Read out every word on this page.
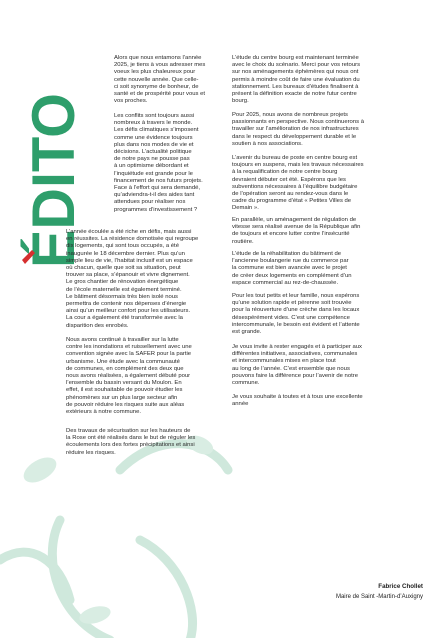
ÉDITO

Alors que nous entamons l’année
2025, je tiens à vous adresser mes
voeux les plus chaleureux pour
cette nouvelle année. Que celle-
ci soit synonyme de bonheur, de
santé et de prospérité pour vous et
vos proches.

Les conflits sont toujours aussi
nombreux à travers le monde.
Les défis climatiques s’imposent
comme une évidence toujours
plus dans nos modes de vie et
décisions. L’actualité politique
de notre pays ne pousse pas
à un optimisme débordant et
l’inquiétude est grande pour le
financement de nos futurs projets.
Face à l’effort qui sera demandé,
qu’adviendra-t-il des aides tant
attendues pour réaliser nos
programmes d’investissement ?

L’année écoulée a été riche en défis, mais aussi
en réussites. La résidence domotisée qui regroupe
dix logements, qui sont tous occupés, a été
inaugurée le 18 décembre dernier. Plus qu’un
simple lieu de vie, l’habitat inclusif est un espace
où chacun, quelle que soit sa situation, peut
trouver sa place, s’épanouir et vivre dignement.
Le gros chantier de rénovation énergétique
de l’école maternelle est également terminé.
Le bâtiment désormais très bien isolé nous
permettra de contenir nos dépenses d’énergie
ainsi qu’un meilleur confort pour les utilisateurs.
La cour a également été transformée avec la
disparition des enrobés.

Nous avons continué à travailler sur la lutte
contre les inondations et ruissellement avec une
convention signée avec la SAFER pour la partie
urbanisme. Une étude avec la communauté
de communes, en complément des deux que
nous avons réalisées, a également débuté pour
l’ensemble du bassin versant du Moulon. En
effet, il est souhaitable de pouvoir étudier les
phénomènes sur un plus large secteur afin
de pouvoir réduire les risques suite aux aléas
extérieurs à notre commune.

Des travaux de sécurisation sur les hauteurs de
la Rose ont été réalisés dans le but de réguler les
écoulements lors des fortes précipitations et ainsi
réduire les risques.

L’étude du centre bourg est maintenant terminée
avec le choix du scénario. Merci pour vos retours
sur nos aménagements éphémères qui nous ont
permis à moindre coût de faire une évaluation du
stationnement. Les bureaux d’études finalisent à
présent la définition exacte de notre futur centre
bourg.

Pour 2025, nous avons de nombreux projets
passionnants en perspective. Nous continuerons à
travailler sur l’amélioration de nos infrastructures
dans le respect du développement durable et le
soutien à nos associations.

L’avenir du bureau de poste en centre bourg est
toujours en suspens, mais les travaux nécessaires
à la requalification de notre centre bourg
devraient débuter cet été. Espérons que les
subventions nécessaires à l’équilibre budgétaire
de l’opération seront au rendez-vous dans le
cadre du programme d’état « Petites Villes de
Demain ».

En parallèle, un aménagement de régulation de
vitesse sera réalisé avenue de la République afin
de toujours et encore lutter contre l’insécurité
routière.

L’étude de la réhabilitation du bâtiment de
l’ancienne boulangerie rue du commerce par
la commune est bien avancée avec le projet
de créer deux logements en complément d’un
espace commercial au rez-de-chaussée.

Pour les tout petits et leur famille, nous espérons
qu’une solution rapide et pérenne soit trouvée
pour la réouverture d’une crèche dans les locaux
désespérément vides. C’est une compétence
intercommunale, le besoin est évident et l’attente
est grande.

Je vous invite à rester engagés et à participer aux
différentes initiatives, associatives, communales
et intercommunales mises en place tout
au long de l’année. C’est ensemble que nous
pouvons faire la différence pour l’avenir de notre
commune.

Je vous souhaite à toutes et à tous une excellente
année

Fabrice Chollet
Maire de Saint -Martin-d’Auxigny
